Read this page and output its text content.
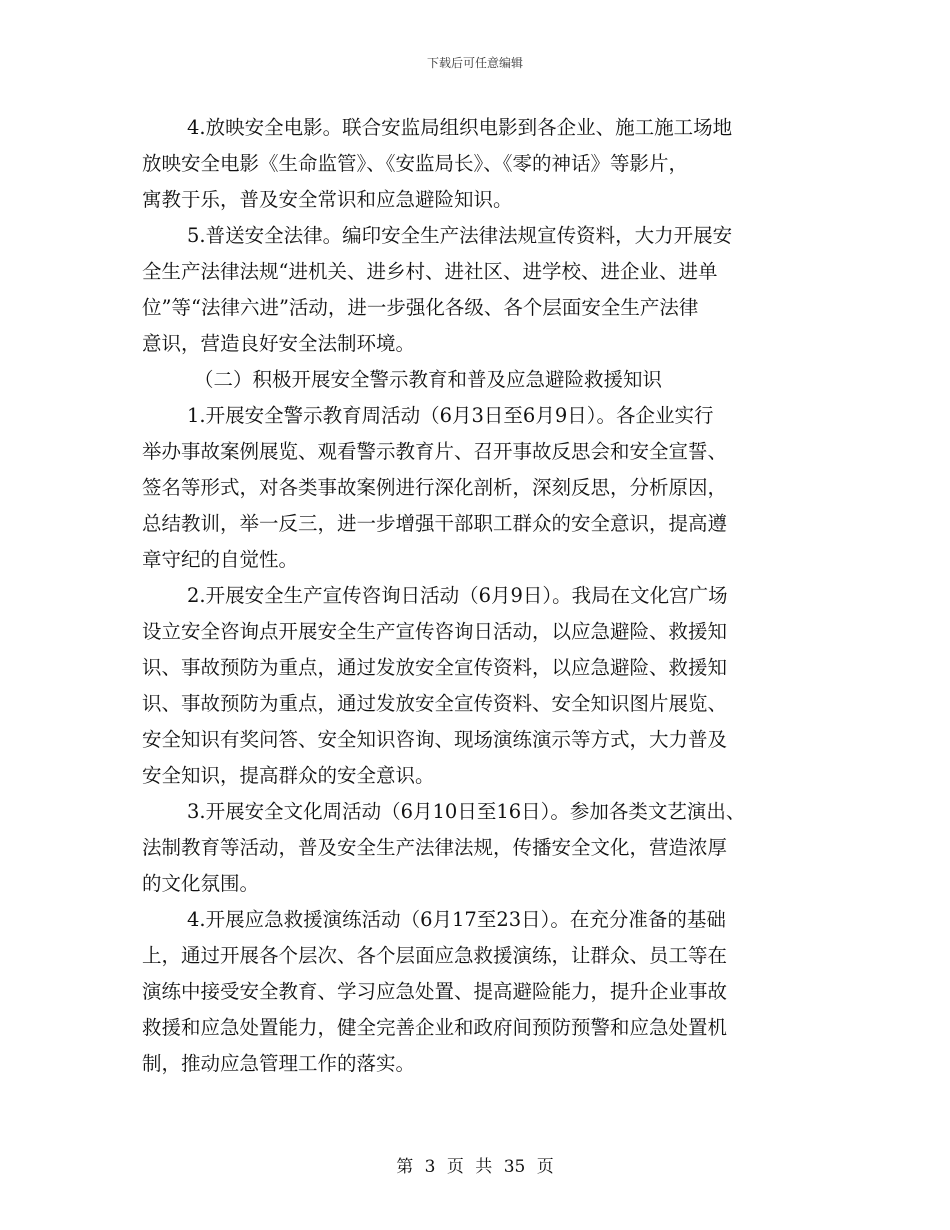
下载后可任意编辑
4.放映安全电影。联合安监局组织电影到各企业、施工施工场地
放映安全电影《生命监管》、《安监局长》、《零的神话》等影片，
寓教于乐，普及安全常识和应急避险知识。
5.普送安全法律。编印安全生产法律法规宣传资料，大力开展安
全生产法律法规“进机关、进乡村、进社区、进学校、进企业、进单
位”等“法律六进”活动，进一步强化各级、各个层面安全生产法律
意识，营造良好安全法制环境。
（二）积极开展安全警示教育和普及应急避险救援知识
1.开展安全警示教育周活动（6月3日至6月9日）。各企业实行
举办事故案例展览、观看警示教育片、召开事故反思会和安全宣誓、
签名等形式，对各类事故案例进行深化剖析，深刻反思，分析原因，
总结教训，举一反三，进一步增强干部职工群众的安全意识，提高遵
章守纪的自觉性。
2.开展安全生产宣传咨询日活动（6月9日）。我局在文化宫广场
设立安全咨询点开展安全生产宣传咨询日活动，以应急避险、救援知
识、事故预防为重点，通过发放安全宣传资料，以应急避险、救援知
识、事故预防为重点，通过发放安全宣传资料、安全知识图片展览、
安全知识有奖问答、安全知识咨询、现场演练演示等方式，大力普及
安全知识，提高群众的安全意识。
3.开展安全文化周活动（6月10日至16日）。参加各类文艺演出、
法制教育等活动，普及安全生产法律法规，传播安全文化，营造浓厚
的文化氛围。
4.开展应急救援演练活动（6月17至23日）。在充分准备的基础
上，通过开展各个层次、各个层面应急救援演练，让群众、员工等在
演练中接受安全教育、学习应急处置、提高避险能力，提升企业事故
救援和应急处置能力，健全完善企业和政府间预防预警和应急处置机
制，推动应急管理工作的落实。
第 3 页 共 35 页
